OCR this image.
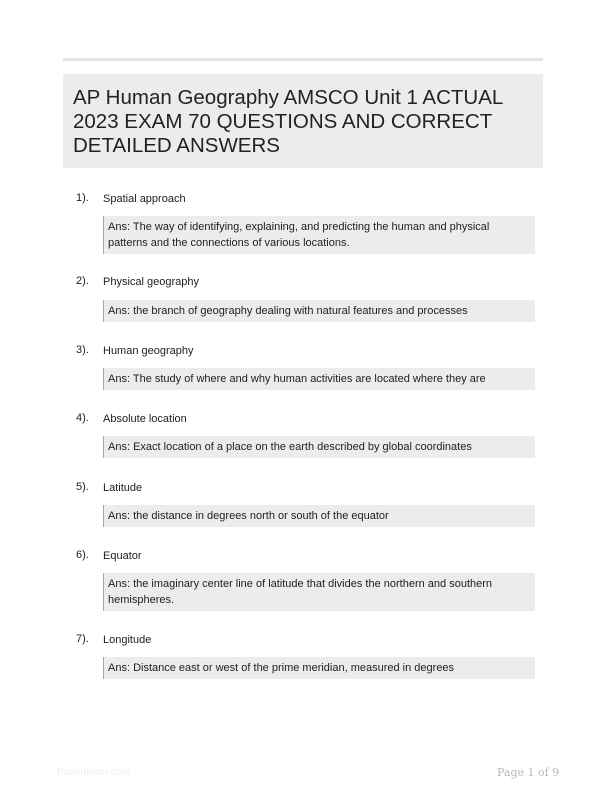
AP Human Geography AMSCO Unit 1 ACTUAL
2023 EXAM 70 QUESTIONS AND CORRECT
DETAILED ANSWERS
1). Spatial approach
Ans: The way of identifying, explaining, and predicting the human and physical patterns and the connections of various locations.
2). Physical geography
Ans: the branch of geography dealing with natural features and processes
3). Human geography
Ans: The study of where and why human activities are located where they are
4). Absolute location
Ans: Exact location of a place on the earth described by global coordinates
5). Latitude
Ans: the distance in degrees north or south of the equator
6). Equator
Ans: the imaginary center line of latitude that divides the northern and southern hemispheres.
7). Longitude
Ans: Distance east or west of the prime meridian, measured in degrees
Paperfinder.com	Page 1 of 9
